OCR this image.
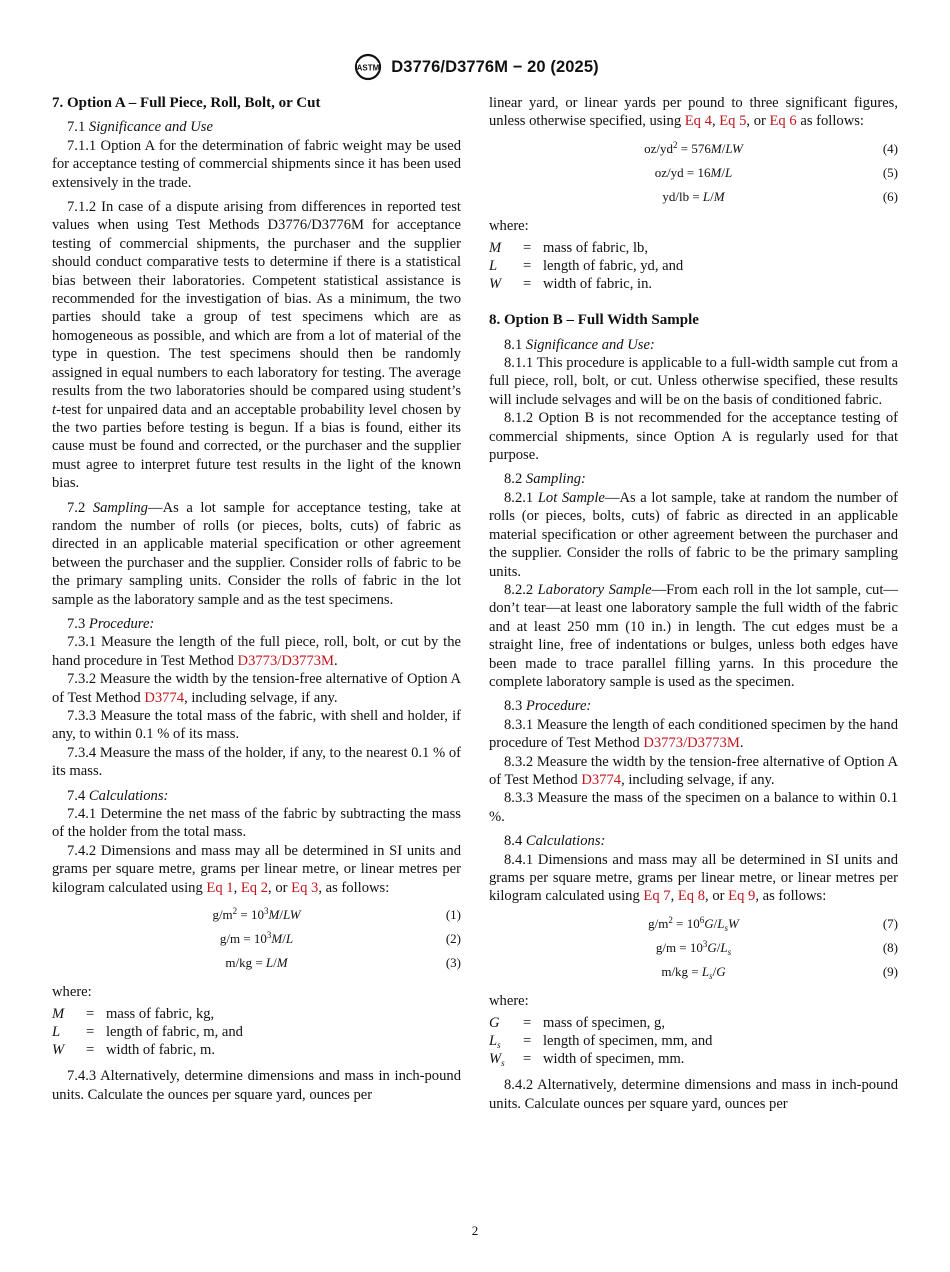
ASTM D3776/D3776M − 20 (2025)
7. Option A – Full Piece, Roll, Bolt, or Cut

7.1 Significance and Use

7.1.1 Option A for the determination of fabric weight may be used for acceptance testing of commercial shipments since it has been used extensively in the trade.

7.1.2 In case of a dispute arising from differences in reported test values when using Test Methods D3776/D3776M for acceptance testing of commercial shipments, the purchaser and the supplier should conduct comparative tests to determine if there is a statistical bias between their laboratories. Competent statistical assistance is recommended for the investigation of bias. As a minimum, the two parties should take a group of test specimens which are as homogeneous as possible, and which are from a lot of material of the type in question. The test specimens should then be randomly assigned in equal numbers to each laboratory for testing. The average results from the two laboratories should be compared using student’s t-test for unpaired data and an acceptable probability level chosen by the two parties before testing is begun. If a bias is found, either its cause must be found and corrected, or the purchaser and the supplier must agree to interpret future test results in the light of the known bias.

7.2 Sampling—As a lot sample for acceptance testing, take at random the number of rolls (or pieces, bolts, cuts) of fabric as directed in an applicable material specification or other agreement between the purchaser and the supplier. Consider rolls of fabric to be the primary sampling units. Consider the rolls of fabric in the lot sample as the laboratory sample and as the test specimens.

7.3 Procedure:

7.3.1 Measure the length of the full piece, roll, bolt, or cut by the hand procedure in Test Method D3773/D3773M.

7.3.2 Measure the width by the tension-free alternative of Option A of Test Method D3774, including selvage, if any.

7.3.3 Measure the total mass of the fabric, with shell and holder, if any, to within 0.1 % of its mass.

7.3.4 Measure the mass of the holder, if any, to the nearest 0.1 % of its mass.

7.4 Calculations:

7.4.1 Determine the net mass of the fabric by subtracting the mass of the holder from the total mass.

7.4.2 Dimensions and mass may all be determined in SI units and grams per square metre, grams per linear metre, or linear metres per kilogram calculated using Eq 1, Eq 2, or Eq 3, as follows:

$g/m^2 = 10^3M/LW$	(1)
$g/m = 10^3M/L$	(2)
m/kg = L/M	(3)

where:

M	=	mass of fabric, kg,
L	=	length of fabric, m, and
W	=	width of fabric, m.

7.4.3 Alternatively, determine dimensions and mass in inch-pound units. Calculate the ounces per square yard, ounces per

linear yard, or linear yards per pound to three significant figures, unless otherwise specified, using Eq 4, Eq 5, or Eq 6 as follows:

$oz/yd^2 = 576M/LW$	(4)
oz/yd = 16M/L	(5)
yd/lb = L/M	(6)

where:

M	=	mass of fabric, lb,
L	=	length of fabric, yd, and
W	=	width of fabric, in.
8. Option B – Full Width Sample

8.1 Significance and Use:

8.1.1 This procedure is applicable to a full-width sample cut from a full piece, roll, bolt, or cut. Unless otherwise specified, these results will include selvages and will be on the basis of conditioned fabric.

8.1.2 Option B is not recommended for the acceptance testing of commercial shipments, since Option A is regularly used for that purpose.

8.2 Sampling:

8.2.1 Lot Sample—As a lot sample, take at random the number of rolls (or pieces, bolts, cuts) of fabric as directed in an applicable material specification or other agreement between the purchaser and the supplier. Consider the rolls of fabric to be the primary sampling units.

8.2.2 Laboratory Sample—From each roll in the lot sample, cut—don’t tear—at least one laboratory sample the full width of the fabric and at least 250 mm (10 in.) in length. The cut edges must be a straight line, free of indentations or bulges, unless both edges have been made to trace parallel filling yarns. In this procedure the complete laboratory sample is used as the specimen.

8.3 Procedure:

8.3.1 Measure the length of each conditioned specimen by the hand procedure of Test Method D3773/D3773M.

8.3.2 Measure the width by the tension-free alternative of Option A of Test Method D3774, including selvage, if any.

8.3.3 Measure the mass of the specimen on a balance to within 0.1 %.

8.4 Calculations:

8.4.1 Dimensions and mass may all be determined in SI units and grams per square metre, grams per linear metre, or linear metres per kilogram calculated using Eq 7, Eq 8, or Eq 9, as follows:

$g/m^2 = 10^6G/L_sW$	(7)
$g/m = 10^3G/L_s$	(8)
$m/kg = L_s/G$	(9)

where:

G	=	mass of specimen, g,
$L_s$	=	length of specimen, mm, and
$W_s$	=	width of specimen, mm.

8.4.2 Alternatively, determine dimensions and mass in inch-pound units. Calculate ounces per square yard, ounces per

2
